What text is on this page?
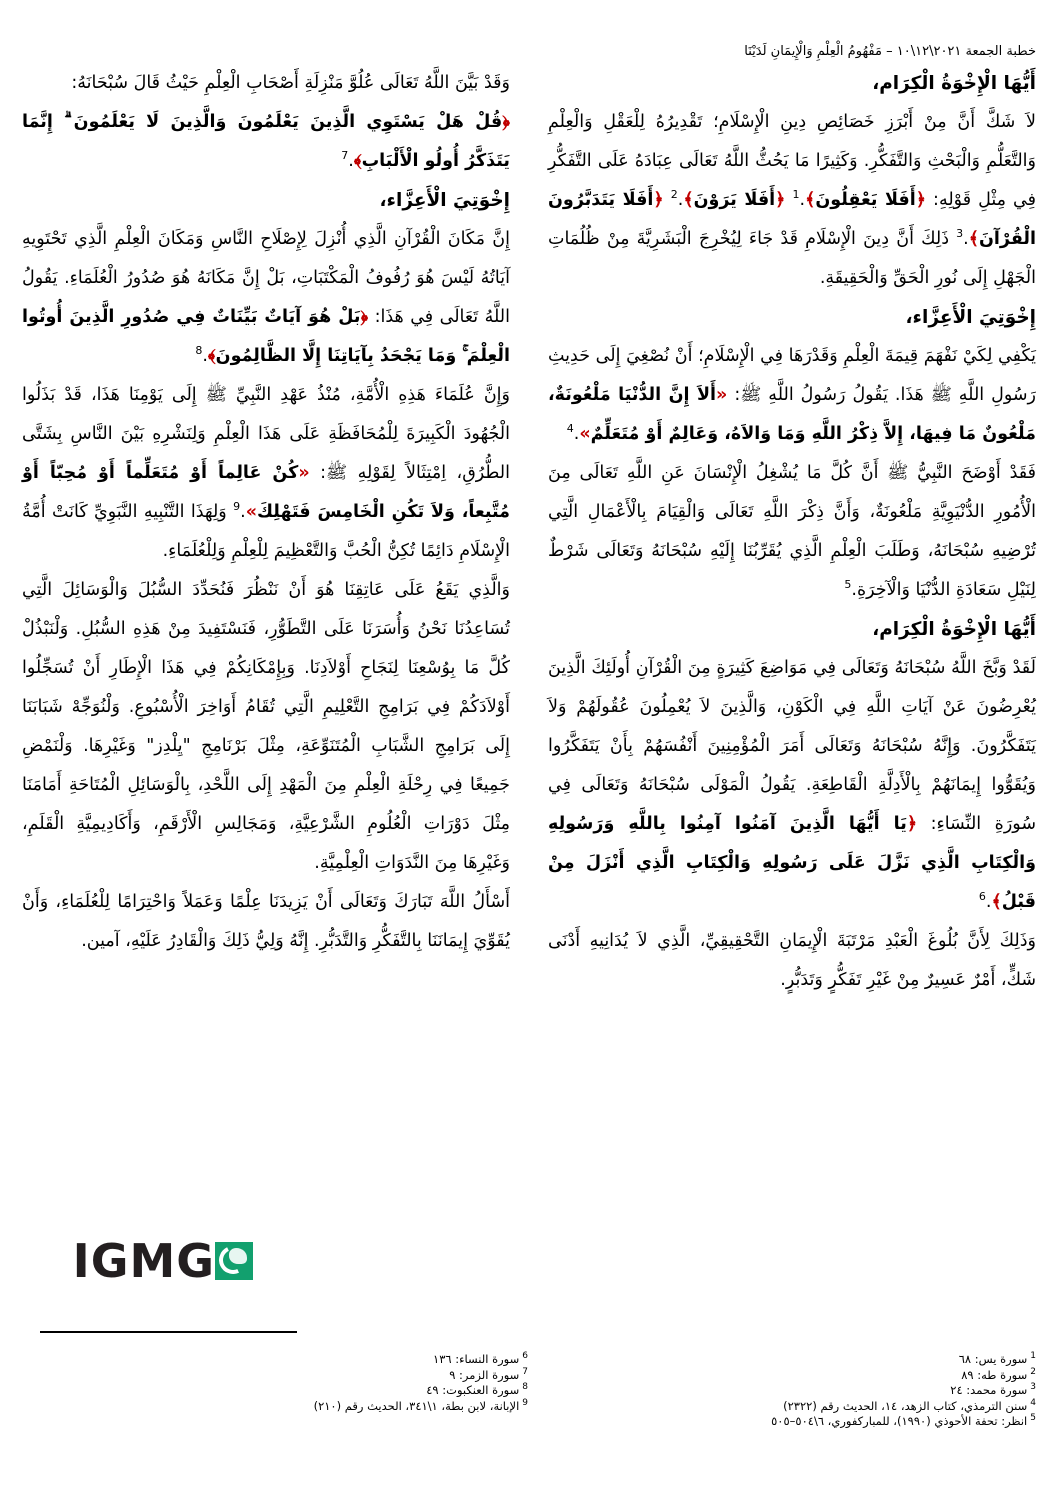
خطبة الجمعة ٢٠٢١\١٢\١٠ – مَفْهُومُ الْعِلْمِ وَالْإِيمَانِ لَدَيْنَا

أَيُّهَا الْإِخْوَةُ الْكِرَام،

لاَ شَكَّ أَنَّ مِنْ أَبْرَزِ خَصَائِصِ دِينِ الْإِسْلَامِ؛ تَقْدِيرُهُ لِلْعَقْلِ وَالْعِلْمِ وَالتَّعَلُّمِ وَالْبَحْثِ وَالتَّفَكُّرِ. وَكَثِيرًا مَا يَحُثُّ اللَّهُ تَعَالَى عِبَادَهُ عَلَى التَّفَكُّرِ فِي مِثْلِ قَوْلِهِ: ﴿أَفَلَا يَعْقِلُونَ﴾.$^1$ ﴿أَفَلَا يَرَوْنَ﴾.$^2$ ﴿أَفَلَا يَتَدَبَّرُونَ الْقُرْآنَ﴾.$^3$ ذَلِكَ أَنَّ دِينَ الْإِسْلَامِ قَدْ جَاءَ لِيُخْرِجَ الْبَشَرِيَّةَ مِنْ ظُلُمَاتِ الْجَهْلِ إِلَى نُورِ الْحَقِّ وَالْحَقِيقَةِ.

إِخْوَتِيَ الْأَعِزَّاء،

يَكْفِي لِكَيْ نَفْهَمَ قِيمَةَ الْعِلْمِ وَقَدْرَهَا فِي الْإِسْلَامِ؛ أَنْ نُصْغِيَ إِلَى حَدِيثِ رَسُولِ اللَّهِ ﷺ هَذَا. يَقُولُ رَسُولُ اللَّهِ ﷺ: «أَلاَ إِنَّ الدُّنْيَا مَلْعُونَةٌ، مَلْعُونٌ مَا فِيهَا، إِلاَّ ذِكْرُ اللَّهِ وَمَا وَالاَهُ، وَعَالِمٌ أَوْ مُتَعَلِّمٌ».$^4$

فَقَدْ أَوْضَحَ النَّبِيُّ ﷺ أَنَّ كُلَّ مَا يُشْغِلُ الْإِنْسَانَ عَنِ اللَّهِ تَعَالَى مِنَ الْأُمُورِ الدُّنْيَوِيَّةِ مَلْعُونَةٌ، وَأَنَّ ذِكْرَ اللَّهِ تَعَالَى وَالْقِيَامَ بِالْأَعْمَالِ الَّتِي تُرْضِيهِ سُبْحَانَهُ، وَطَلَبَ الْعِلْمِ الَّذِي يُقَرِّبُنَا إِلَيْهِ سُبْحَانَهُ وَتَعَالَى شَرْطٌ لِنَيْلِ سَعَادَةِ الدُّنْيَا وَالْآخِرَةِ.$^5$

أَيُّهَا الْإِخْوَةُ الْكِرَام،

لَقَدْ وَبَّخَ اللَّهُ سُبْحَانَهُ وَتَعَالَى فِي مَوَاضِعَ كَثِيرَةٍ مِنَ الْقُرْآنِ أُولَئِكَ الَّذِينَ يُعْرِضُونَ عَنْ آيَاتِ اللَّهِ فِي الْكَوْنِ، وَالَّذِينَ لاَ يُعْمِلُونَ عُقُولَهُمْ وَلاَ يَتَفَكَّرُونَ. وَإِنَّهُ سُبْحَانَهُ وَتَعَالَى أَمَرَ الْمُؤْمِنِينَ أَنْفُسَهُمْ بِأَنْ يَتَفَكَّرُوا وَيُقَوُّوا إِيمَانَهُمْ بِالْأَدِلَّةِ الْقَاطِعَةِ. يَقُولُ الْمَوْلَى سُبْحَانَهُ وَتَعَالَى فِي سُورَةِ النِّسَاءِ: ﴿يَا أَيُّهَا الَّذِينَ آمَنُوا آمِنُوا بِاللَّهِ وَرَسُولِهِ وَالْكِتَابِ الَّذِي نَزَّلَ عَلَى رَسُولِهِ وَالْكِتَابِ الَّذِي أَنْزَلَ مِنْ قَبْلُ﴾.$^6$

وَذَلِكَ لِأَنَّ بُلُوغَ الْعَبْدِ مَرْتَبَةَ الْإِيمَانِ التَّحْقِيقِيِّ، الَّذِي لاَ يُدَانِيهِ أَدْنَى شَكٍّ، أَمْرٌ عَسِيرٌ مِنْ غَيْرِ تَفَكُّرٍ وَتَدَبُّرٍ.

وَقَدْ بَيَّنَ اللَّهُ تَعَالَى عُلُوَّ مَنْزِلَةِ أَصْحَابِ الْعِلْمِ حَيْثُ قَالَ سُبْحَانَهُ:

﴿قُلْ هَلْ يَسْتَوِي الَّذِينَ يَعْلَمُونَ وَالَّذِينَ لَا يَعْلَمُونَ ۗ إِنَّمَا يَتَذَكَّرُ أُولُو الْأَلْبَابِ﴾.$^7$

إِخْوَتِيَ الْأَعِزَّاء،

إِنَّ مَكَانَ الْقُرْآنِ الَّذِي أُنْزِلَ لِإِصْلَاحِ النَّاسِ وَمَكَانَ الْعِلْمِ الَّذِي تَحْتَوِيهِ آيَاتُهُ لَيْسَ هُوَ رُفُوفُ الْمَكْتَبَاتِ، بَلْ إِنَّ مَكَانَهُ هُوَ صُدُورُ الْعُلَمَاءِ. يَقُولُ اللَّهُ تَعَالَى فِي هَذَا: ﴿بَلْ هُوَ آيَاتٌ بَيِّنَاتٌ فِي صُدُورِ الَّذِينَ أُوتُوا الْعِلْمَ ۚ وَمَا يَجْحَدُ بِآيَاتِنَا إِلَّا الظَّالِمُونَ﴾.$^8$

وَإِنَّ عُلَمَاءَ هَذِهِ الْأُمَّةِ، مُنْذُ عَهْدِ النَّبِيِّ ﷺ إِلَى يَوْمِنَا هَذَا، قَدْ بَذَلُوا الْجُهُودَ الْكَبِيرَةَ لِلْمُحَافَظَةِ عَلَى هَذَا الْعِلْمِ وَلِنَشْرِهِ بَيْنَ النَّاسِ بِشَتَّى الطُّرُقِ، اِمْتِثَالاً لِقَوْلِهِ ﷺ: «كُنْ عَالِماً أَوْ مُتَعَلِّماً أَوْ مُحِبّاً أَوْ مُتَّبِعاً، وَلاَ تَكُنِ الْخَامِسَ فَتَهْلِكَ».$^9$ وَلِهَذَا التَّنْبِيهِ النَّبَوِيِّ كَانَتْ أُمَّةُ الْإِسْلَامِ دَائِمًا تُكِنُّ الْحُبَّ وَالتَّعْظِيمَ لِلْعِلْمِ وَلِلْعُلَمَاءِ.

وَالَّذِي يَقَعُ عَلَى عَاتِقِنَا هُوَ أَنْ نَنْظُرَ فَنُحَدِّدَ السُّبُلَ وَالْوَسَائِلَ الَّتِي تُسَاعِدُنَا نَحْنُ وَأُسَرَنَا عَلَى التَّطَوُّرِ، فَنَسْتَفِيدَ مِنْ هَذِهِ السُّبُلِ. وَلْنَبْذُلْ كُلَّ مَا بِوُسْعِنَا لِنَجَاحِ أَوْلاَدِنَا. وَبِإِمْكَانِكُمْ فِي هَذَا الْإِطَارِ أَنْ تُسَجِّلُوا أَوْلاَدَكُمْ فِي بَرَامِجِ التَّعْلِيمِ الَّتِي تُقَامُ أَوَاخِرَ الْأُسْبُوعِ. وَلْنُوَجِّهْ شَبَابَنَا إِلَى بَرَامِجِ الشَّبَابِ الْمُتَنَوِّعَةِ، مِثْلَ بَرْنَامِجِ "يِلْدِز" وَغَيْرِهَا. وَلْنَمْضِ جَمِيعًا فِي رِحْلَةِ الْعِلْمِ مِنَ الْمَهْدِ إِلَى اللَّحْدِ، بِالْوَسَائِلِ الْمُتَاحَةِ أَمَامَنَا مِثْلَ دَوْرَاتِ الْعُلُومِ الشَّرْعِيَّةِ، وَمَجَالِسِ الْأَرْقَمِ، وَأَكَادِيمِيَّةِ الْقَلَمِ، وَغَيْرِهَا مِنَ النَّدَوَاتِ الْعِلْمِيَّةِ.

أَسْأَلُ اللَّهَ تَبَارَكَ وَتَعَالَى أَنْ يَزِيدَنَا عِلْمًا وَعَمَلاً وَاحْتِرَامًا لِلْعُلَمَاءِ، وَأَنْ يُقَوِّيَ إِيمَانَنَا بِالتَّفَكُّرِ وَالتَّدَبُّرِ. إِنَّهُ وَلِيُّ ذَلِكَ وَالْقَادِرُ عَلَيْهِ، آمين.

IGMG

$^1$سورة يس: ٦٨

$^2$سورة طه: ٨٩

$^3$سورة محمد: ٢٤

$^4$سنن الترمذي، كتاب الزهد، ١٤، الحديث رقم (٢٣٢٢)

$^5$انظر: تحفة الأحوذي (١٩٩٠)، للمباركفوري، ٦\٥٠٤–٥٠٥

$^6$سورة النساء: ١٣٦

$^7$سورة الزمر: ٩

$^8$سورة العنكبوت: ٤٩

$^9$الإبانة، لابن بطة، ١\٣٤١، الحديث رقم (٢١٠)
